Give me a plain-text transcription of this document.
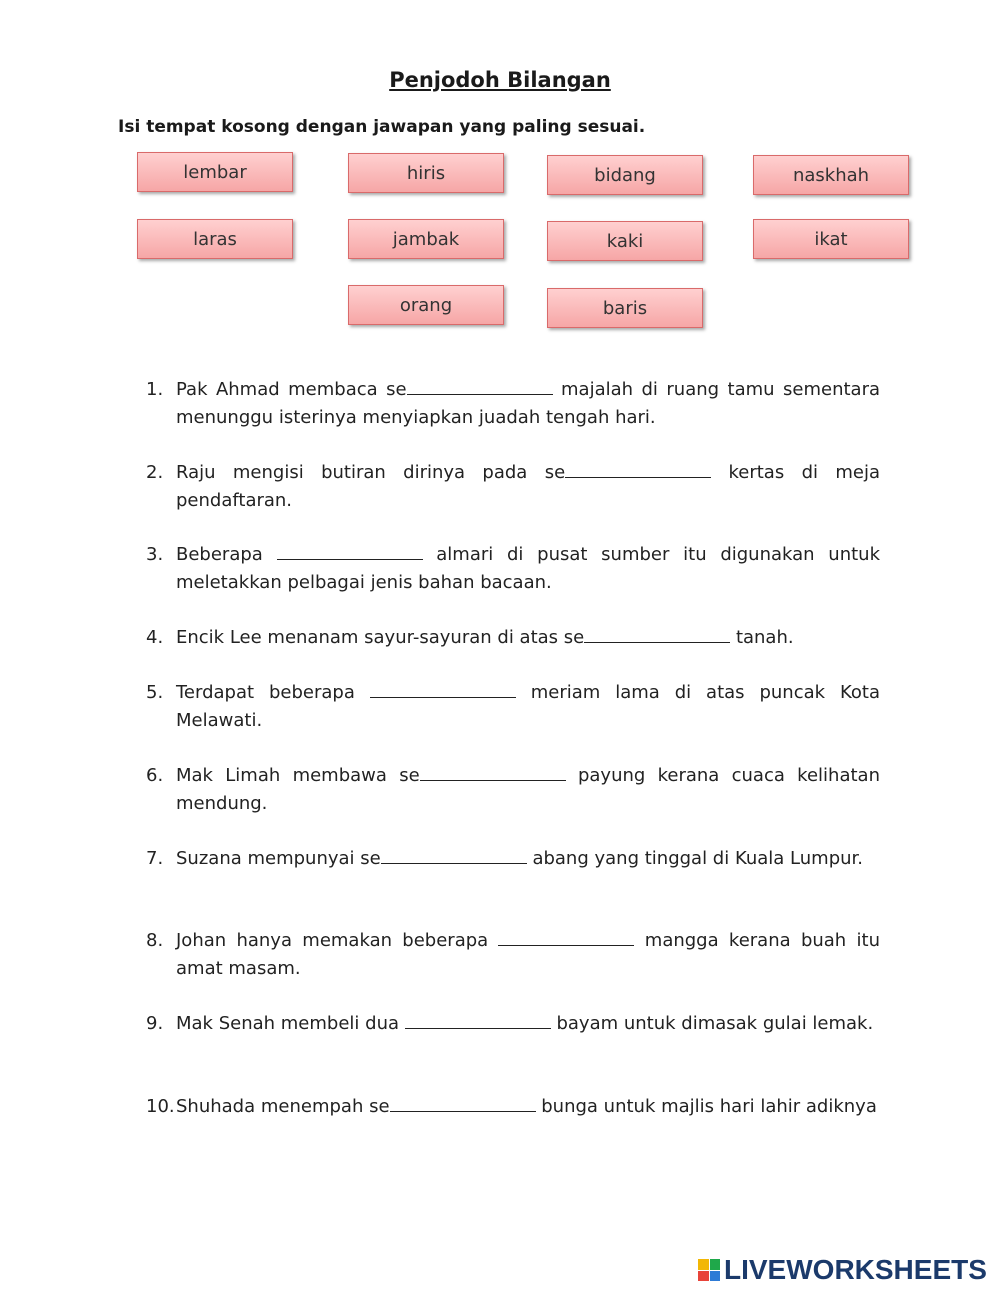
Penjodoh Bilangan
Isi tempat kosong dengan jawapan yang paling sesuai.
lembar	hiris	bidang	naskhah
laras	jambak	kaki	ikat
orang	baris
1. Pak Ahmad membaca se	majalah di ruang tamu sementara menunggu isterinya menyiapkan juadah tengah hari.
2. Raju mengisi butiran dirinya pada se	kertas di meja pendaftaran.
3. Beberapa	almari di pusat sumber itu digunakan untuk meletakkan pelbagai jenis bahan bacaan.
4. Encik Lee menanam sayur-sayuran di atas se	tanah.
5. Terdapat beberapa	meriam lama di atas puncak Kota Melawati.
6. Mak Limah membawa se	payung kerana cuaca kelihatan mendung.
7. Suzana mempunyai se	abang yang tinggal di Kuala Lumpur.
8. Johan hanya memakan beberapa	mangga kerana buah itu amat masam.
9. Mak Senah membeli dua	bayam untuk dimasak gulai lemak.
10. Shuhada menempah se	bunga untuk majlis hari lahir adiknya
LIVEWORKSHEETS
